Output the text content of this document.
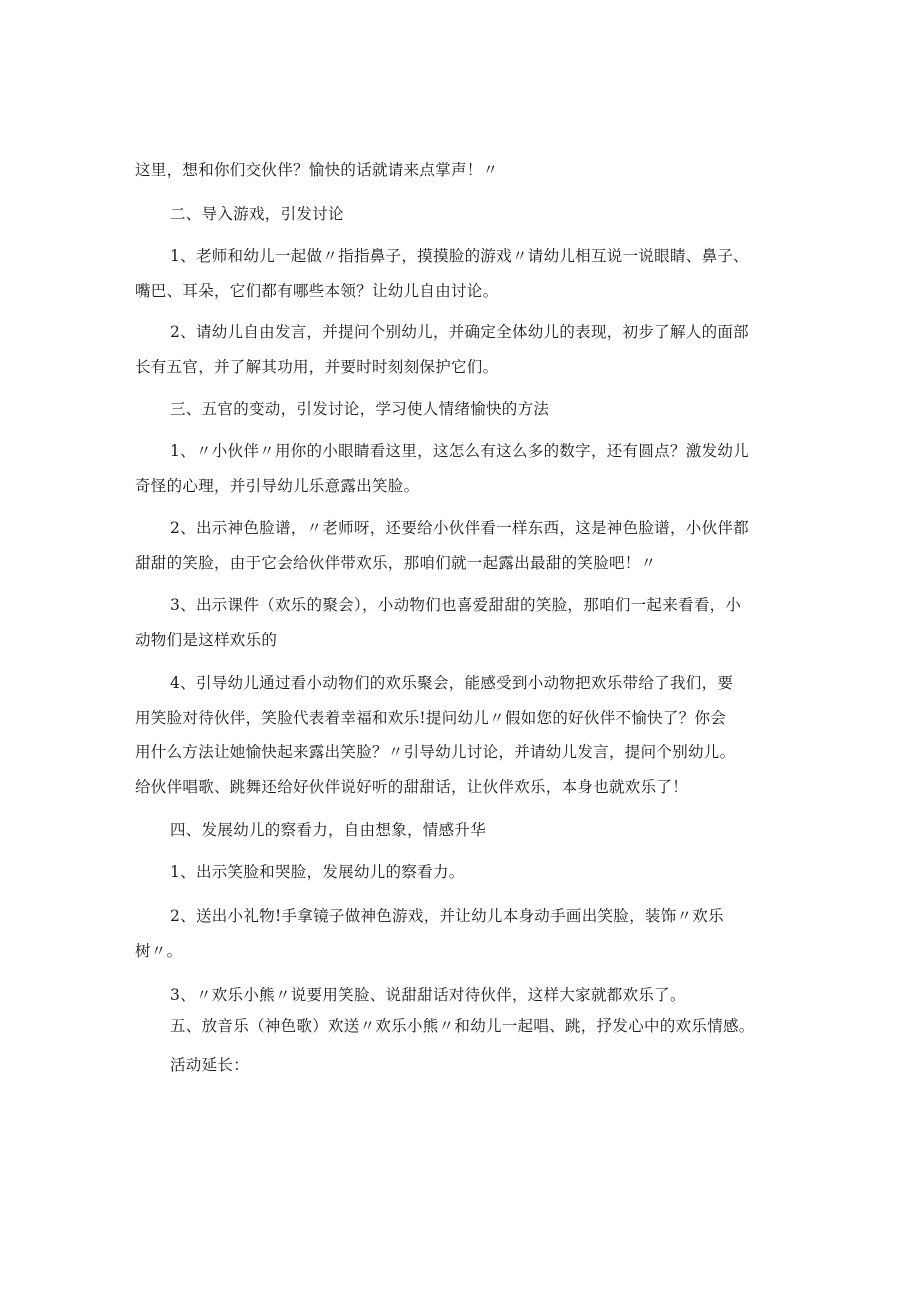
这里，想和你们交伙伴？愉快的话就请来点掌声！〃
二、导入游戏，引发讨论
1、老师和幼儿一起做〃指指鼻子，摸摸脸的游戏〃请幼儿相互说一说眼睛、鼻子、
嘴巴、耳朵，它们都有哪些本领？让幼儿自由讨论。
2、请幼儿自由发言，并提问个别幼儿，并确定全体幼儿的表现，初步了解人的面部
长有五官，并了解其功用，并要时时刻刻保护它们。
三、五官的变动，引发讨论，学习使人情绪愉快的方法
1、〃小伙伴〃用你的小眼睛看这里，这怎么有这么多的数字，还有圆点？激发幼儿
奇怪的心理，并引导幼儿乐意露出笑脸。
2、出示神色脸谱，〃老师呀，还要给小伙伴看一样东西，这是神色脸谱，小伙伴都
甜甜的笑脸，由于它会给伙伴带欢乐，那咱们就一起露出最甜的笑脸吧！〃
3、出示课件（欢乐的聚会），小动物们也喜爱甜甜的笑脸，那咱们一起来看看，小
动物们是这样欢乐的
4、引导幼儿通过看小动物们的欢乐聚会，能感受到小动物把欢乐带给了我们，要
用笑脸对待伙伴，笑脸代表着幸福和欢乐!提问幼儿〃假如您的好伙伴不愉快了？你会
用什么方法让她愉快起来露出笑脸？〃引导幼儿讨论，并请幼儿发言，提问个别幼儿。
给伙伴唱歌、跳舞还给好伙伴说好听的甜甜话，让伙伴欢乐，本身也就欢乐了！
四、发展幼儿的察看力，自由想象，情感升华
1、出示笑脸和哭脸，发展幼儿的察看力。
2、送出小礼物!手拿镜子做神色游戏，并让幼儿本身动手画出笑脸，装饰〃欢乐
树〃。
3、〃欢乐小熊〃说要用笑脸、说甜甜话对待伙伴，这样大家就都欢乐了。
五、放音乐（神色歌）欢送〃欢乐小熊〃和幼儿一起唱、跳，抒发心中的欢乐情感。
活动延长：
